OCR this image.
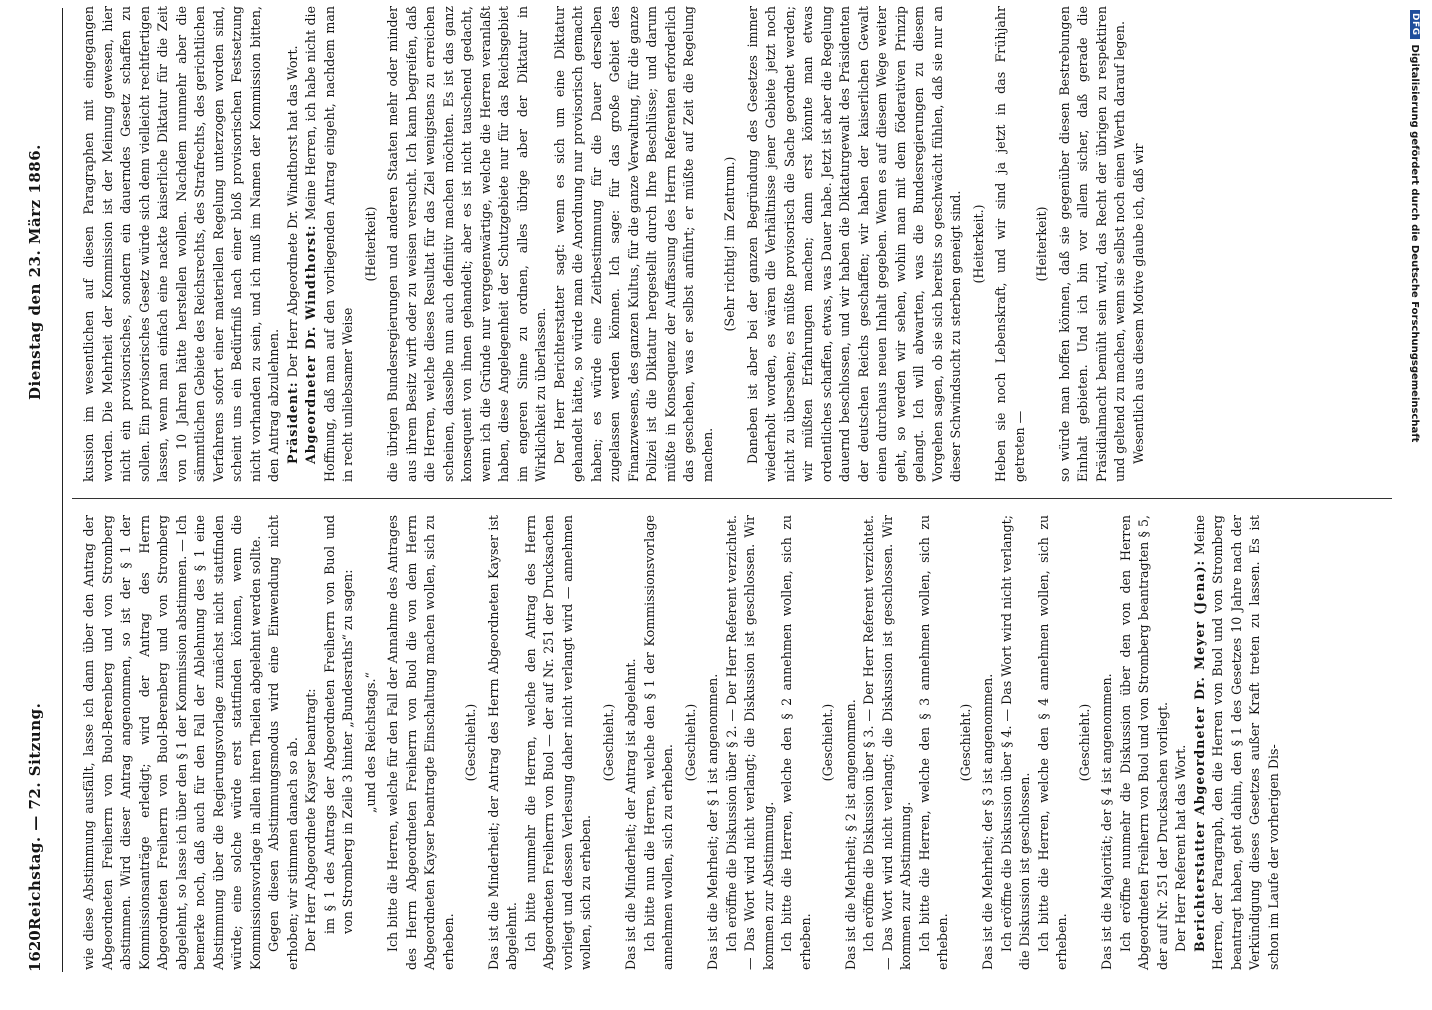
1620
Reichstag. — 72. Sitzung.
Dienstag den 23. März 1886.

wie diese Abstimmung ausfällt, lasse ich dann über den Antrag der Abgeordneten Freiherrn von Buol-Berenberg und von Stromberg abstimmen. Wird dieser Antrag angenommen, so ist der § 1 der Kommissionsanträge erledigt; wird der Antrag des Herrn Abgeordneten Freiherrn von Buol-Berenberg und von Stromberg abgelehnt, so lasse ich über den § 1 der Kommission abstimmen. — Ich bemerke noch, daß auch für den Fall der Ablehnung des § 1 eine Abstimmung über die Regierungsvorlage zunächst nicht stattfinden würde; eine solche würde erst stattfinden können, wenn die Kommissionsvorlage in allen ihren Theilen abgelehnt werden sollte. Gegen diesen Abstimmungsmodus wird eine Einwendung nicht erhoben; wir stimmen danach so ab. Der Herr Abgeordnete Kayser beantragt: im § 1 des Antrags der Abgeordneten Freiherrn von Buol und von Stromberg in Zeile 3 hinter „Bundesraths“ zu sagen: „und des Reichstags.“ Ich bitte die Herren, welche für den Fall der Annahme des Antrages des Herrn Abgeordneten Freiherrn von Buol die von dem Herrn Abgeordneten Kayser beantragte Einschaltung machen wollen, sich zu erheben.

(Geschieht.) Das ist die Minderheit; der Antrag des Herrn Abgeordneten Kayser ist abgelehnt. Ich bitte nunmehr die Herren, welche den Antrag des Herrn Abgeordneten Freiherrn von Buol — der auf Nr. 251 der Drucksachen vorliegt und dessen Verlesung daher nicht verlangt wird — annehmen wollen, sich zu erheben.

(Geschieht.) Das ist die Minderheit; der Antrag ist abgelehnt. Ich bitte nun die Herren, welche den § 1 der Kommissionsvorlage annehmen wollen, sich zu erheben.

(Geschieht.) Das ist die Mehrheit; der § 1 ist angenommen. Ich eröffne die Diskussion über § 2. — Der Herr Referent verzichtet. — Das Wort wird nicht verlangt; die Diskussion ist geschlossen. Wir kommen zur Abstimmung. Ich bitte die Herren, welche den § 2 annehmen wollen, sich zu erheben.

(Geschieht.) Das ist die Mehrheit; § 2 ist angenommen. Ich eröffne die Diskussion über § 3. — Der Herr Referent verzichtet. — Das Wort wird nicht verlangt; die Diskussion ist geschlossen. Wir kommen zur Abstimmung. Ich bitte die Herren, welche den § 3 annehmen wollen, sich zu erheben.

(Geschieht.) Das ist die Mehrheit; der § 3 ist angenommen. Ich eröffne die Diskussion über § 4. — Das Wort wird nicht verlangt; die Diskussion ist geschlossen. Ich bitte die Herren, welche den § 4 annehmen wollen, sich zu erheben.

(Geschieht.) Das ist die Majorität; der § 4 ist angenommen. Ich eröffne nunmehr die Diskussion über den von den Herren Abgeordneten Freiherrn von Buol und von Stromberg beantragten § 5, der auf Nr. 251 der Drucksachen vorliegt. Der Herr Referent hat das Wort. Berichterstatter Abgeordneter Dr. Meyer (Jena): Meine Herren, der Paragraph, den die Herren von Buol und von Stromberg beantragt haben, geht dahin, den § 1 des Gesetzes 10 Jahre nach der Verkündigung dieses Gesetzes außer Kraft treten zu lassen. Es ist schon im Laufe der vorherigen Dis-

kussion im wesentlichen auf diesen Paragraphen mit eingegangen worden. Die Mehrheit der Kommission ist der Meinung gewesen, hier nicht ein provisorisches, sondern ein dauerndes Gesetz schaffen zu sollen. Ein provisorisches Gesetz würde sich denn vielleicht rechtfertigen lassen, wenn man einfach eine nackte kaiserliche Diktatur für die Zeit von 10 Jahren hätte herstellen wollen. Nachdem nunmehr aber die sämmtlichen Gebiete des Reichsrechts, des Strafrechts, des gerichtlichen Verfahrens sofort einer materiellen Regelung unterzogen worden sind, scheint uns ein Bedürfniß nach einer bloß provisorischen Festsetzung nicht vorhanden zu sein, und ich muß im Namen der Kommission bitten, den Antrag abzulehnen. Präsident: Der Herr Abgeordnete Dr. Windthorst hat das Wort. Abgeordneter Dr. Windthorst: Meine Herren, ich habe nicht die Hoffnung, daß man auf den vorliegenden Antrag eingeht, nachdem man in recht unliebsamer Weise

(Heiterkeit) die übrigen Bundesregierungen und anderen Staaten mehr oder minder aus ihrem Besitz wirft oder zu weisen versucht. Ich kann begreifen, daß die Herren, welche dieses Resultat für das Ziel wenigstens zu erreichen scheinen, dasselbe nun auch definitiv machen möchten. Es ist das ganz konsequent von ihnen gehandelt; aber es ist nicht tauschend gedacht, wenn ich die Gründe nur vergegenwärtige, welche die Herren veranlaßt haben, diese Angelegenheit der Schutzgebiete nur für das Reichsgebiet im engeren Sinne zu ordnen, alles übrige aber der Diktatur in Wirklichkeit zu überlassen. Der Herr Berichterstatter sagt: wenn es sich um eine Diktatur gehandelt hätte, so würde man die Anordnung nur provisorisch gemacht haben; es würde eine Zeitbestimmung für die Dauer derselben zugelassen werden können. Ich sage: für das große Gebiet des Finanzwesens, des ganzen Kultus, für die ganze Verwaltung, für die ganze Polizei ist die Diktatur hergestellt durch Ihre Beschlüsse; und darum müßte in Konsequenz der Auffassung des Herrn Referenten erforderlich das geschehen, was er selbst anführt; er müßte auf Zeit die Regelung machen.

(Sehr richtig! im Zentrum.) Daneben ist aber bei der ganzen Begründung des Gesetzes immer wiederholt worden, es wären die Verhältnisse jener Gebiete jetzt noch nicht zu übersehen; es müßte provisorisch die Sache geordnet werden; wir müßten Erfahrungen machen; dann erst könnte man etwas ordentliches schaffen, etwas, was Dauer habe. Jetzt ist aber die Regelung dauernd beschlossen, und wir haben die Diktaturgewalt des Präsidenten der deutschen Reichs geschaffen; wir haben der kaiserlichen Gewalt einen durchaus neuen Inhalt gegeben. Wenn es auf diesem Wege weiter geht, so werden wir sehen, wohin man mit dem föderativen Prinzip gelangt. Ich will abwarten, was die Bundesregierungen zu diesem Vorgehen sagen, ob sie sich bereits so geschwächt fühlen, daß sie nur an dieser Schwindsucht zu sterben geneigt sind. (Heiterkeit.) Heben sie noch Lebenskraft, und wir sind ja jetzt in das Frühjahr getreten —

(Heiterkeit) so würde man hoffen können, daß sie gegenüber diesen Bestrebungen Einhalt gebieten. Und ich bin vor allem sicher, daß gerade die Präsidialmacht bemüht sein wird, das Recht der übrigen zu respektiren und geltend zu machen, wenn sie selbst noch einen Werth darauf legen. Wesentlich aus diesem Motive glaube ich, daß wir

DFG
Digitalisierung gefördert durch die Deutsche Forschungsgemeinschaft
